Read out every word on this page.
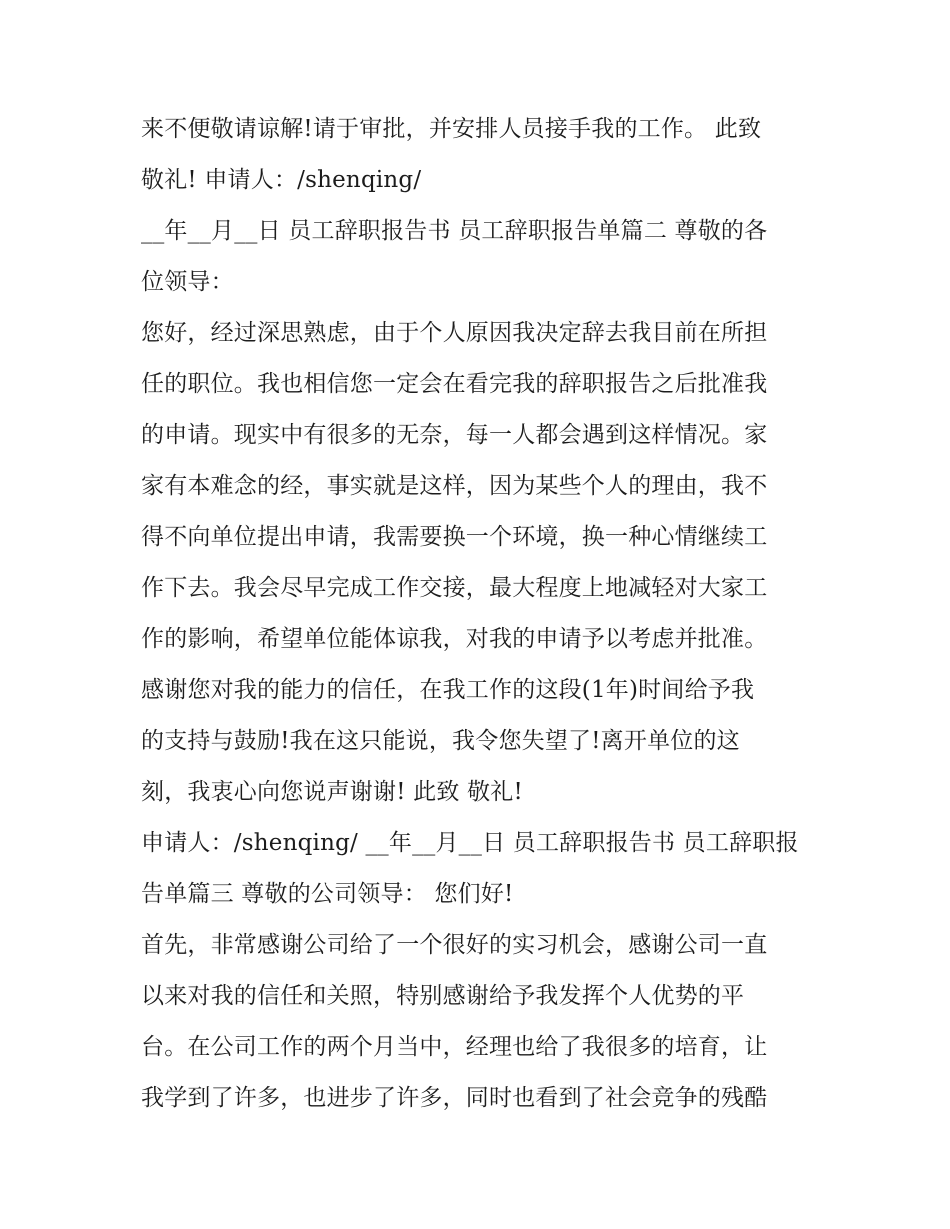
来不便敬请谅解!请于审批，并安排人员接手我的工作。 此致
敬礼! 申请人：/shenqing/
__年__月__日 员工辞职报告书 员工辞职报告单篇二 尊敬的各
位领导：
您好，经过深思熟虑，由于个人原因我决定辞去我目前在所担
任的职位。我也相信您一定会在看完我的辞职报告之后批准我
的申请。现实中有很多的无奈，每一人都会遇到这样情况。家
家有本难念的经，事实就是这样，因为某些个人的理由，我不
得不向单位提出申请，我需要换一个环境，换一种心情继续工
作下去。我会尽早完成工作交接，最大程度上地减轻对大家工
作的影响，希望单位能体谅我，对我的申请予以考虑并批准。
感谢您对我的能力的信任，在我工作的这段(1年)时间给予我
的支持与鼓励!我在这只能说，我令您失望了!离开单位的这
刻，我衷心向您说声谢谢! 此致 敬礼!
申请人：/shenqing/ __年__月__日 员工辞职报告书 员工辞职报
告单篇三 尊敬的公司领导： 您们好!
首先，非常感谢公司给了一个很好的实习机会，感谢公司一直
以来对我的信任和关照，特别感谢给予我发挥个人优势的平
台。在公司工作的两个月当中，经理也给了我很多的培育，让
我学到了许多，也进步了许多，同时也看到了社会竞争的残酷
